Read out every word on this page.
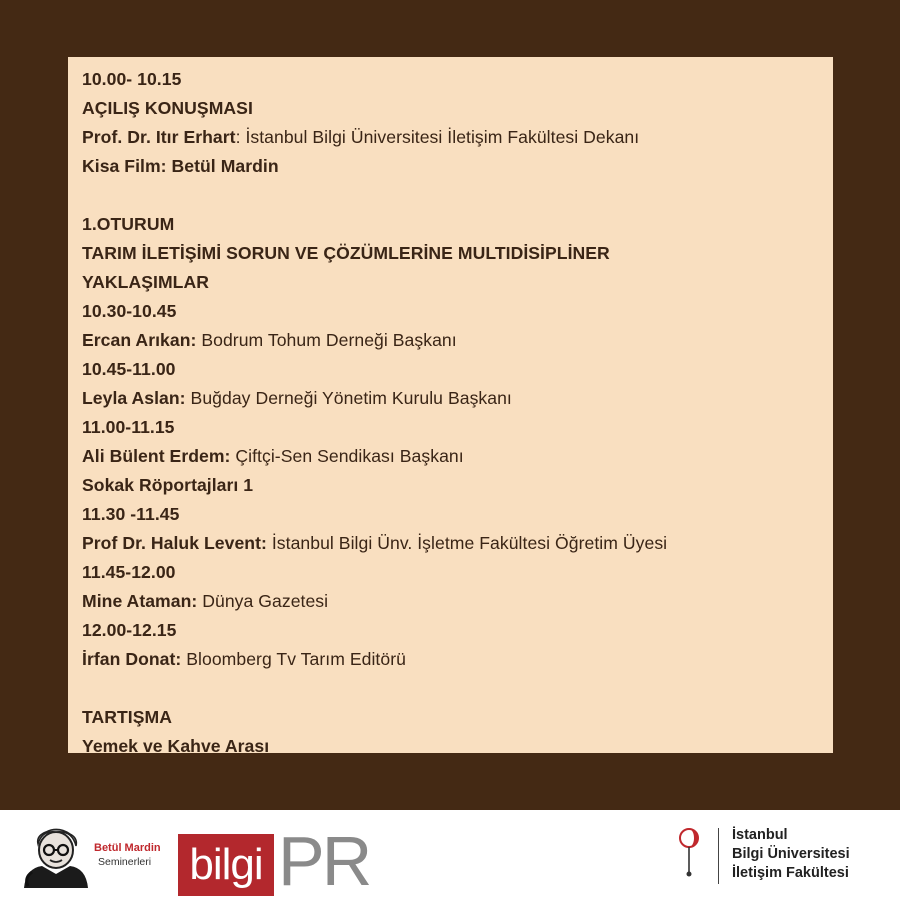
10.00- 10.15
AÇILIŞ KONUŞMASI
Prof. Dr. Itır Erhart: İstanbul Bilgi Üniversitesi İletişim Fakültesi Dekanı
Kisa Film: Betül Mardin
1.OTURUM
TARIM İLETİŞİMİ SORUN VE ÇÖZÜMLERİNE MULTIDİSİPLİNER
YAKLAŞIMLAR
10.30-10.45
Ercan Arıkan: Bodrum Tohum Derneği Başkanı
10.45-11.00
Leyla Aslan: Buğday Derneği Yönetim Kurulu Başkanı
11.00-11.15
Ali Bülent Erdem: Çiftçi-Sen Sendikası Başkanı
Sokak Röportajları 1
11.30 -11.45
Prof Dr. Haluk Levent: İstanbul Bilgi Ünv. İşletme Fakültesi Öğretim Üyesi
11.45-12.00
Mine Ataman: Dünya Gazetesi
12.00-12.15
İrfan Donat: Bloomberg Tv Tarım Editörü
TARTIŞMA
Yemek ve Kahve Arası
Betül Mardin
Seminerleri bilgi PR	İstanbul
Bilgi Üniversitesi
İletişim Fakültesi
